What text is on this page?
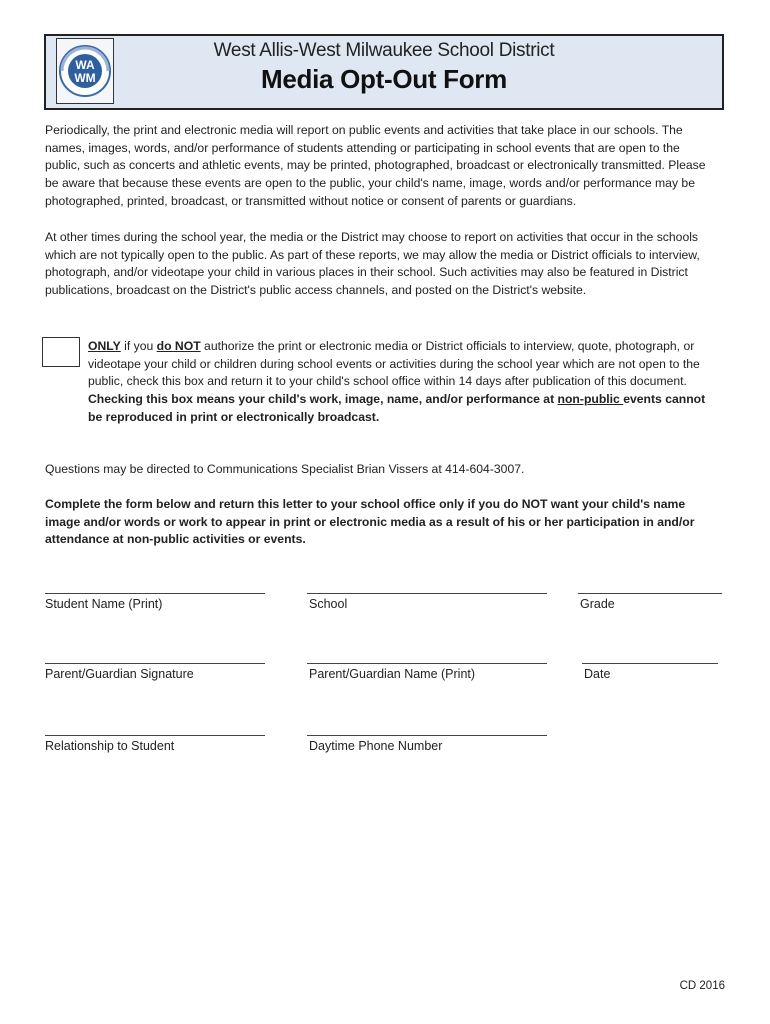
WA
WM
West Allis-West Milwaukee School District
Media Opt-Out Form

Periodically, the print and electronic media will report on public events and activities that take place in our schools. The names, images, words, and/or performance of students attending or participating in school events that are open to the public, such as concerts and athletic events, may be printed, photographed, broadcast or electronically transmitted. Please be aware that because these events are open to the public, your child's name, image, words and/or performance may be photographed, printed, broadcast, or transmitted without notice or consent of parents or guardians.

At other times during the school year, the media or the District may choose to report on activities that occur in the schools which are not typically open to the public. As part of these reports, we may allow the media or District officials to interview, photograph, and/or videotape your child in various places in their school. Such activities may also be featured in District publications, broadcast on the District's public access channels, and posted on the District's website.

ONLY if you do NOT authorize the print or electronic media or District officials to interview, quote, photograph, or videotape your child or children during school events or activities during the school year which are not open to the public, check this box and return it to your child's school office within 14 days after publication of this document. Checking this box means your child's work, image, name, and/or performance at non-public events cannot be reproduced in print or electronically broadcast.

Questions may be directed to Communications Specialist Brian Vissers at 414-604-3007.

Complete the form below and return this letter to your school office only if you do NOT want your child's name image and/or words or work to appear in print or electronic media as a result of his or her participation in and/or attendance at non-public activities or events.

Student Name (Print)	School	Grade
Parent/Guardian Signature	Parent/Guardian Name (Print)	Date
Relationship to Student	Daytime Phone Number
CD 2016
